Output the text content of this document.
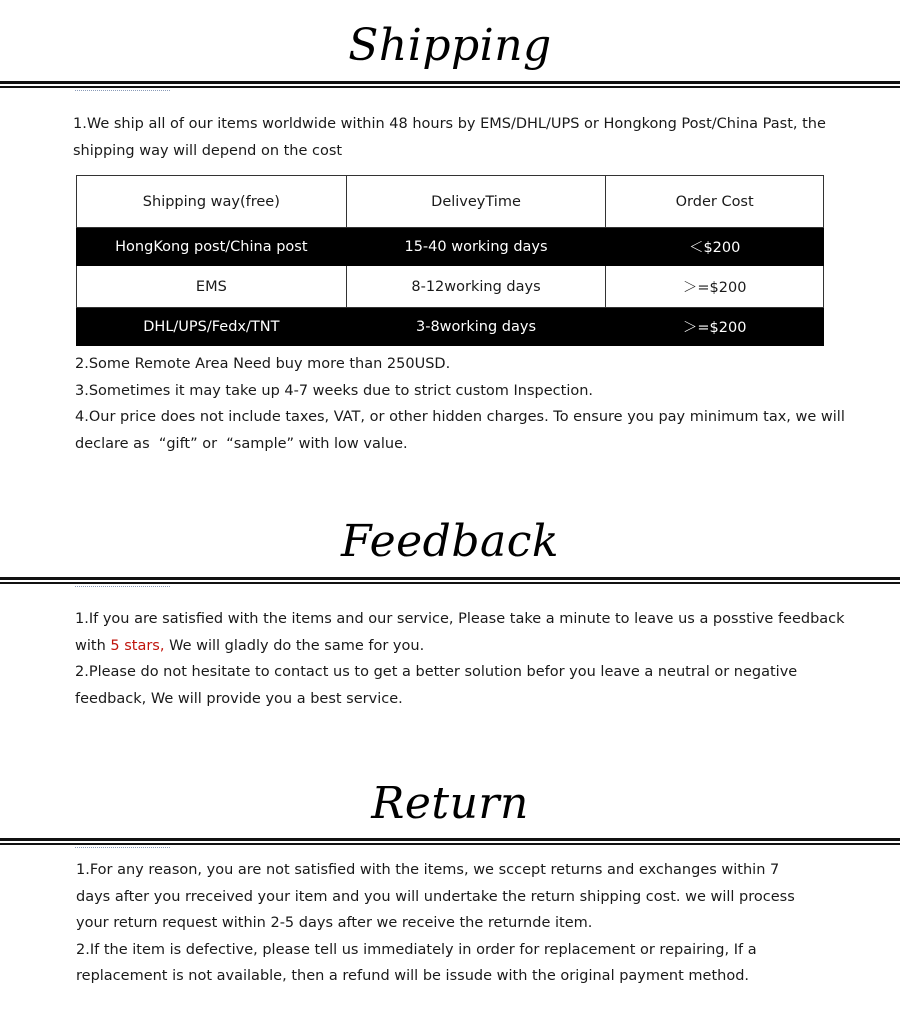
Shipping

1.We ship all of our items worldwide within 48 hours by EMS/DHL/UPS or Hongkong Post/China Past, the shipping way will depend on the cost

Shipping way(free)	DeliveyTime	Order Cost
HongKong post/China post	15-40 working days	＜$200
EMS	8-12working days	＞=$200
DHL/UPS/Fedx/TNT	3-8working days	＞=$200

2.Some Remote Area Need buy more than 250USD.

3.Sometimes it may take up 4-7 weeks due to strict custom Inspection.

4.Our price does not include taxes, VAT, or other hidden charges. To ensure you pay minimum tax, we will declare as  “gift” or  “sample” with low value.

Feedback

1.If you are satisfied with the items and our service, Please take a minute to leave us a posstive feedback with 5 stars, We will gladly do the same for you.

2.Please do not hesitate to contact us to get a better solution befor you leave a neutral or negative feedback, We will provide you a best service.

Return

1.For any reason, you are not satisfied with the items, we sccept returns and exchanges within 7 days after you rreceived your item and you will undertake the return shipping cost. we will process your return request within 2-5 days after we receive the returnde item.

2.If the item is defective, please tell us immediately in order for replacement or repairing, If a replacement is not available, then a refund will be issude with the original payment method.
